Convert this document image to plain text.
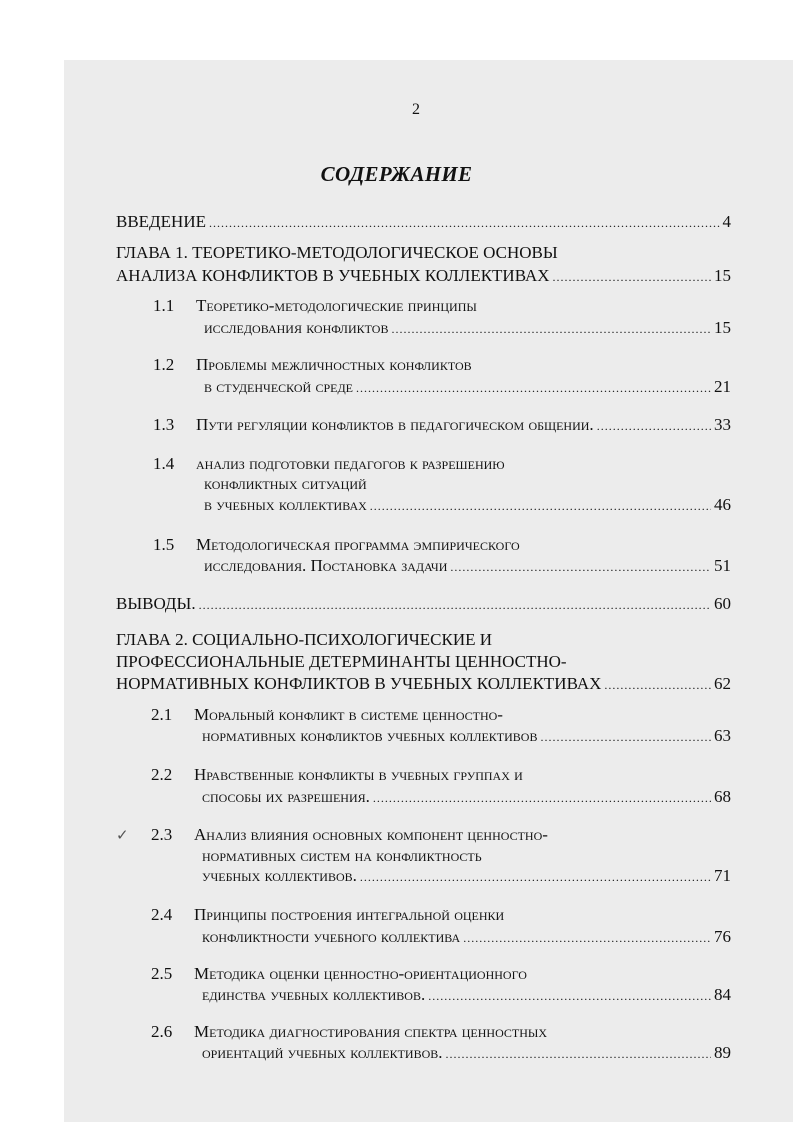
2
СОДЕРЖАНИЕ
ВВЕДЕНИЕ .....	4
ГЛАВА 1. ТЕОРЕТИКО-МЕТОДОЛОГИЧЕСКОЕ ОСНОВЫ
АНАЛИЗА КОНФЛИКТОВ В УЧЕБНЫХ КОЛЛЕКТИВАХ .....	15
1.1 Теоретико-методологические принципы
исследования конфликтов .....	15
1.2 Проблемы межличностных конфликтов
в студенческой среде .....	21
1.3 Пути регуляции конфликтов в педагогическом общении. .....	33
1.4 анализ подготовки педагогов к разрешению
конфликтных ситуаций
в учебных коллективах .....	46
1.5 Методологическая программа эмпирического
исследования. Постановка задачи .....	51
ВЫВОДЫ. .....	60
ГЛАВА 2. СОЦИАЛЬНО-ПСИХОЛОГИЧЕСКИЕ И
ПРОФЕССИОНАЛЬНЫЕ ДЕТЕРМИНАНТЫ ЦЕННОСТНО-
НОРМАТИВНЫХ КОНФЛИКТОВ В УЧЕБНЫХ КОЛЛЕКТИВАХ .....	62
2.1 Моральный конфликт в системе ценностно-
нормативных конфликтов учебных коллективов .....	63
2.2 Нравственные конфликты в учебных группах и
способы их разрешения. .....	68
✓ 2.3 Анализ влияния основных компонент ценностно-
нормативных систем на конфликтность
учебных коллективов. .....	71
2.4 Принципы построения интегральной оценки
конфликтности учебного коллектива .....	76
2.5 Методика оценки ценностно-ориентационного
единства учебных коллективов. .....	84
2.6 Методика диагностирования спектра ценностных
ориентаций учебных коллективов. .....	89
